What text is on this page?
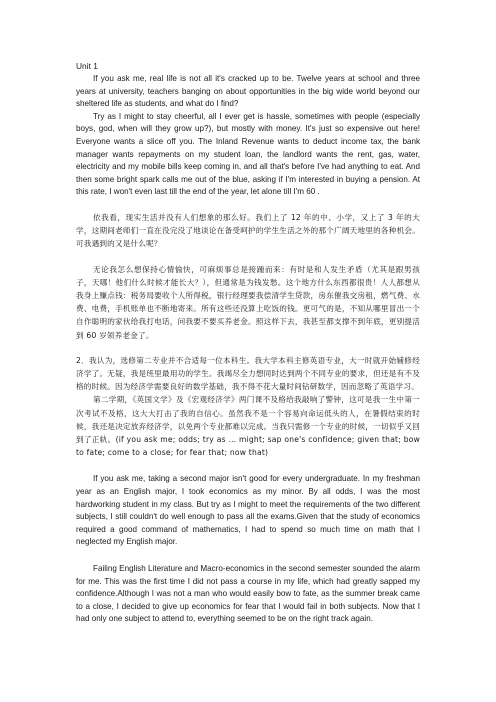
Unit 1

If you ask me, real life is not all it's cracked up to be. Twelve years at school and three years at university, teachers banging on about opportunities in the big wide world beyond our sheltered life as students, and what do I find?

Try as I might to stay cheerful, all I ever get is hassle, sometimes with people (especially boys, god, when will they grow up?), but mostly with money. It's just so expensive out here! Everyone wants a slice off you. The Inland Revenue wants to deduct income tax, the bank manager wants repayments on my student loan, the landlord wants the rent, gas, water, electricity and my mobile bills keep coming in, and all that's before I've had anything to eat. And then some bright spark calls me out of the blue, asking if I'm interested in buying a pension. At this rate, I won't even last till the end of the year, let alone till I'm 60 .

依我看，现实生活并没有人们想象的那么好。我们上了 12 年的中、小学，又上了 3 年的大学，这期间老师们一直在没完没了地谈论在备受呵护的学生生活之外的那个广阔天地里的各种机会。可我遇到的又是什么呢？

无论我怎么想保持心情愉快，可麻烦事总是接踵而来：有时是和人发生矛盾（尤其是跟男孩子，天哪！他们什么时候才能长大？），但通常是为钱发愁。这个地方什么东西都很贵！人人都想从我身上赚点钱：税务局要收个人所得税，银行经理要我偿清学生贷款，房东催我交房租，燃气费、水费、电费，手机账单也不断地寄来。所有这些还没算上吃饭的钱。更可气的是，不知从哪里冒出一个自作聪明的家伙给我打电话，问我要不要买养老金。照这样下去，我甚至都支撑不到年底，更别提活到 60 岁领养老金了。

2．我认为，选修第二专业并不合适每一位本科生。我大学本科主修英语专业，大一时就开始辅修经济学了。无疑，我是班里最用功的学生。我竭尽全力想同时达到两个不同专业的要求，但还是有不及格的时候。因为经济学需要良好的数学基础，我不得不花大量时间钻研数学，因而忽略了英语学习。

第二学期，《英国文学》及《宏观经济学》两门课不及格给我敲响了警钟，这可是我一生中第一次考试不及格，这大大打击了我的自信心。虽然我不是一个容易向命运低头的人，在暑假结束的时候，我还是决定放弃经济学，以免两个专业都难以完成。当我只需修一个专业的时候，一切似乎又回到了正轨。(if you ask me; odds; try as … might; sap one's confidence; given that; bow to fate; come to a close; for fear that; now that)

If you ask me, taking a second major isn't good for every undergraduate. In my freshman year as an English major, I took economics as my minor. By all odds, I was the most hardworking student in my class. But try as I might to meet the requirements of the two different subjects, I still couldn't do well enough to pass all the exams.Given that the study of economics required a good command of mathematics, I had to spend so much time on math that I neglected my English major.

Failing English Literature and Macro-economics in the second semester sounded the alarm for me. This was the first time I did not pass a course in my life, which had greatly sapped my confidence.Although I was not a man who would easily bow to fate, as the summer break came to a close, I decided to give up economics for fear that I would fail in both subjects. Now that I had only one subject to attend to, everything seemed to be on the right track again.
